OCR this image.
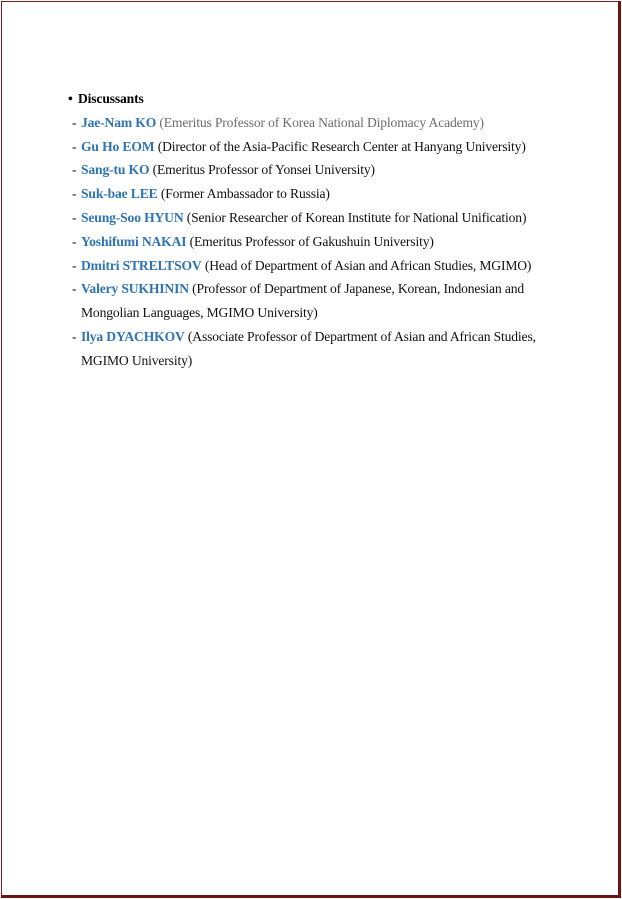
• Discussants
- Jae-Nam KO (Emeritus Professor of Korea National Diplomacy Academy)
- Gu Ho EOM (Director of the Asia-Pacific Research Center at Hanyang University)
- Sang-tu KO (Emeritus Professor of Yonsei University)
- Suk-bae LEE (Former Ambassador to Russia)
- Seung-Soo HYUN (Senior Researcher of Korean Institute for National Unification)
- Yoshifumi NAKAI (Emeritus Professor of Gakushuin University)
- Dmitri STRELTSOV (Head of Department of Asian and African Studies, MGIMO)
- Valery SUKHININ (Professor of Department of Japanese, Korean, Indonesian and Mongolian Languages, MGIMO University)
- Ilya DYACHKOV (Associate Professor of Department of Asian and African Studies, MGIMO University)
